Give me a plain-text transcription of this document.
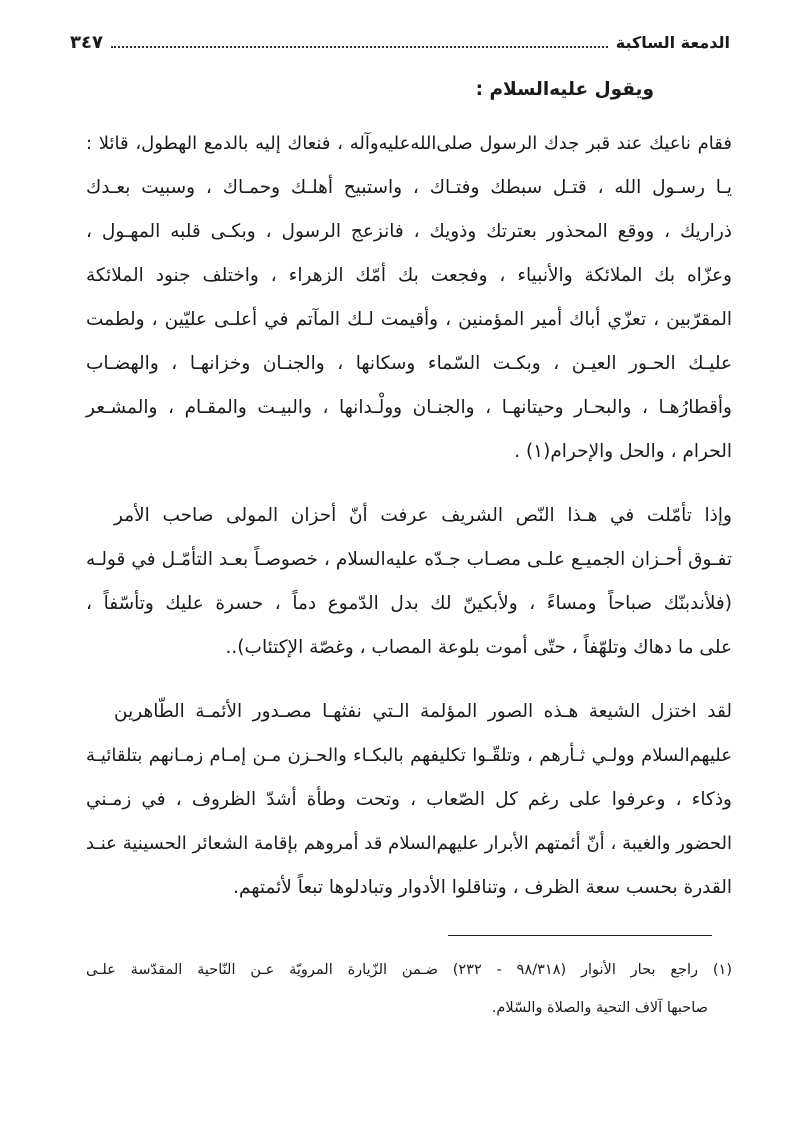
الدمعة الساكبة
٣٤٧
ويقول عليه‌السلام :
فقام ناعيك عند قبر جدك الرسول صلى‌الله‌عليه‌وآله ، فنعاك إليه بالدمع الهطول، قائلا :
يـا رسـول الله ، قتـل سبطك وفتـاك ، واستبيح أهلـك وحمـاك ، وسبيت بعـدك
ذراريك ، ووقع المحذور بعترتك وذويك ، فانزعج الرسول ، وبكـى قلبه المهـول ،
وعزّاه بك الملائكة والأنبياء ، وفجعت بك أمّك الزهراء ، واختلف جنود الملائكة
المقرّبين ، تعزّي أباك أمير المؤمنين ، وأقيمت لـك المآتم في أعلـى عليّين ، ولطمت
عليـك الحـور العيـن ، وبكـت السّماء وسكانها ، والجنـان وخزانهـا ، والهضـاب
وأقطارُهـا ، والبحـار وحيتانهـا ، والجنـان وولْـدانها ، والبيـت والمقـام ، والمشـعر
الحرام ، والحل والإحرام(١) .
وإذا تأمّلت في هـذا النّص الشريف عرفت أنّ أحزان المولى صاحب الأمر
تفـوق أحـزان الجميـع علـى مصـاب جـدّه عليه‌السلام ، خصوصـاً بعـد التأمّـل في قولـه
(فلأندبنّك صباحاً ومساءً ، ولأبكينّ لك بدل الدّموع دماً ، حسرة عليك وتأسّفاً ،
على ما دهاك وتلهّفاً ، حتّى أموت بلوعة المصاب ، وغصّة الإكتئاب)..
لقد اختزل الشيعة هـذه الصور المؤلمة الـتي نفثهـا مصـدور الأئمـة الطّاهرين
عليهم‌السلام وولـي ثـأرهم ، وتلقّـوا تكليفهم بالبكـاء والحـزن مـن إمـام زمـانهم بتلقائيـة
وذكاء ، وعرفوا على رغم كل الصّعاب ، وتحت وطأة أشدّ الظروف ، في زمـني
الحضور والغيبة ، أنّ أئمتهم الأبرار عليهم‌السلام قد أمروهم بإقامة الشعائر الحسينية عنـد
القدرة بحسب سعة الظرف ، وتناقلوا الأدوار وتبادلوها تبعاً لأئمتهم.
(١) راجع بحار الأنوار (٩٨/٣١٨ - ٢٣٢) ضـمن الزّيارة المرويّة عـن النّاحية المقدّسة علـى
صاحبها آلاف التحية والصلاة والسّلام.
